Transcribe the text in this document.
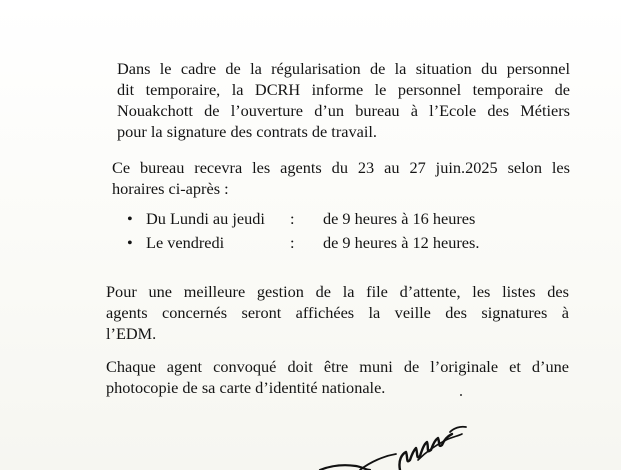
Dans le cadre de la régularisation de la situation du personnel
dit temporaire, la DCRH informe le personnel temporaire de
Nouakchott de l’ouverture d’un bureau à l’Ecole des Métiers
pour la signature des contrats de travail.
Ce bureau recevra les agents du 23 au 27 juin.2025 selon les
horaires ci-après :
• Du Lundi au jeudi : de 9 heures à 16 heures
• Le vendredi	: de 9 heures à 12 heures.
Pour une meilleure gestion de la file d’attente, les listes des
agents concernés seront affichées la veille des signatures à
l’EDM.
Chaque agent convoqué doit être muni de l’originale et d’une
photocopie de sa carte d’identité nationale.
